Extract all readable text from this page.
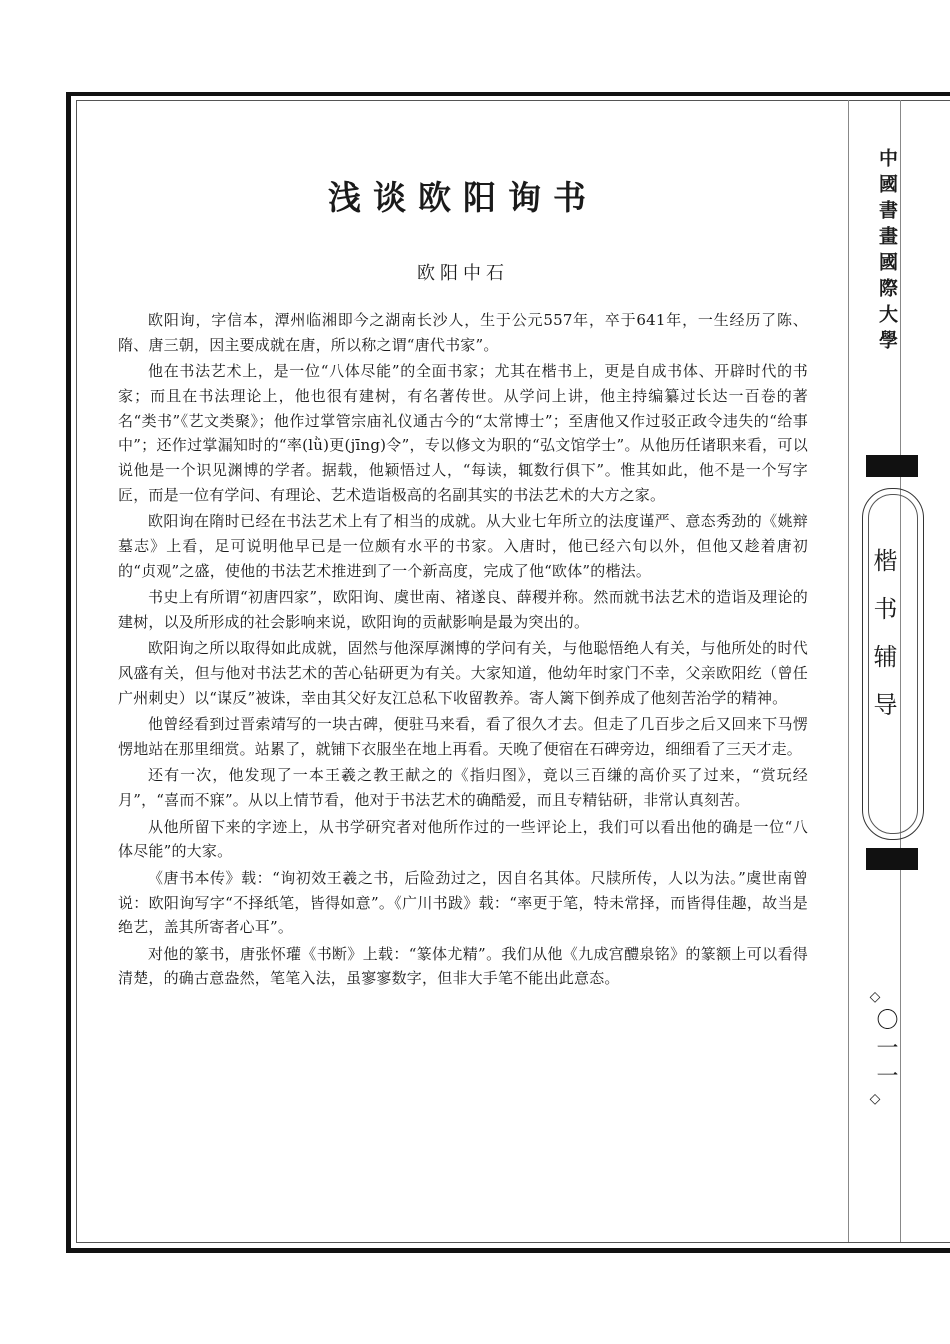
浅谈欧阳询书
欧阳中石

欧阳询，字信本，潭州临湘即今之湖南长沙人，生于公元557年，卒于641年，一生经历了陈、隋、唐三朝，因主要成就在唐，所以称之谓“唐代书家”。

他在书法艺术上，是一位“八体尽能”的全面书家；尤其在楷书上，更是自成书体、开辟时代的书家；而且在书法理论上，他也很有建树，有名著传世。从学问上讲，他主持编纂过长达一百卷的著名“类书”《艺文类聚》；他作过掌管宗庙礼仪通古今的“太常博士”；至唐他又作过驳正政令违失的“给事中”；还作过掌漏知时的“率(lǜ)更(jīng)令”，专以修文为职的“弘文馆学士”。从他历任诸职来看，可以说他是一个识见渊博的学者。据载，他颖悟过人，“每读，辄数行俱下”。惟其如此，他不是一个写字匠，而是一位有学问、有理论、艺术造诣极高的名副其实的书法艺术的大方之家。

欧阳询在隋时已经在书法艺术上有了相当的成就。从大业七年所立的法度谨严、意态秀劲的《姚辩墓志》上看，足可说明他早已是一位颇有水平的书家。入唐时，他已经六旬以外，但他又趁着唐初的“贞观”之盛，使他的书法艺术推进到了一个新高度，完成了他“欧体”的楷法。

书史上有所谓“初唐四家”，欧阳询、虞世南、褚遂良、薛稷并称。然而就书法艺术的造诣及理论的建树，以及所形成的社会影响来说，欧阳询的贡献影响是最为突出的。

欧阳询之所以取得如此成就，固然与他深厚渊博的学问有关，与他聪悟绝人有关，与他所处的时代风盛有关，但与他对书法艺术的苦心钻研更为有关。大家知道，他幼年时家门不幸，父亲欧阳纥（曾任广州刺史）以“谋反”被诛，幸由其父好友江总私下收留教养。寄人篱下倒养成了他刻苦治学的精神。

他曾经看到过晋索靖写的一块古碑，便驻马来看，看了很久才去。但走了几百步之后又回来下马愣愣地站在那里细赏。站累了，就铺下衣服坐在地上再看。天晚了便宿在石碑旁边，细细看了三天才走。

还有一次，他发现了一本王羲之教王献之的《指归图》，竟以三百缣的高价买了过来，“赏玩经月”，“喜而不寐”。从以上情节看，他对于书法艺术的确酷爱，而且专精钻研，非常认真刻苦。

从他所留下来的字迹上，从书学研究者对他所作过的一些评论上，我们可以看出他的确是一位“八体尽能”的大家。

《唐书本传》载：“询初效王羲之书，后险劲过之，因自名其体。尺牍所传，人以为法。”虞世南曾说：欧阳询写字“不择纸笔，皆得如意”。《广川书跋》载：“率更于笔，特未常择，而皆得佳趣，故当是绝艺，盖其所寄者心耳”。

对他的篆书，唐张怀瓘《书断》上载：“篆体尤精”。我们从他《九成宫醴泉铭》的篆额上可以看得清楚，的确古意盎然，笔笔入法，虽寥寥数字，但非大手笔不能出此意态。

中國書畫國際大學
楷书辅导
◇
〇一一
◇
